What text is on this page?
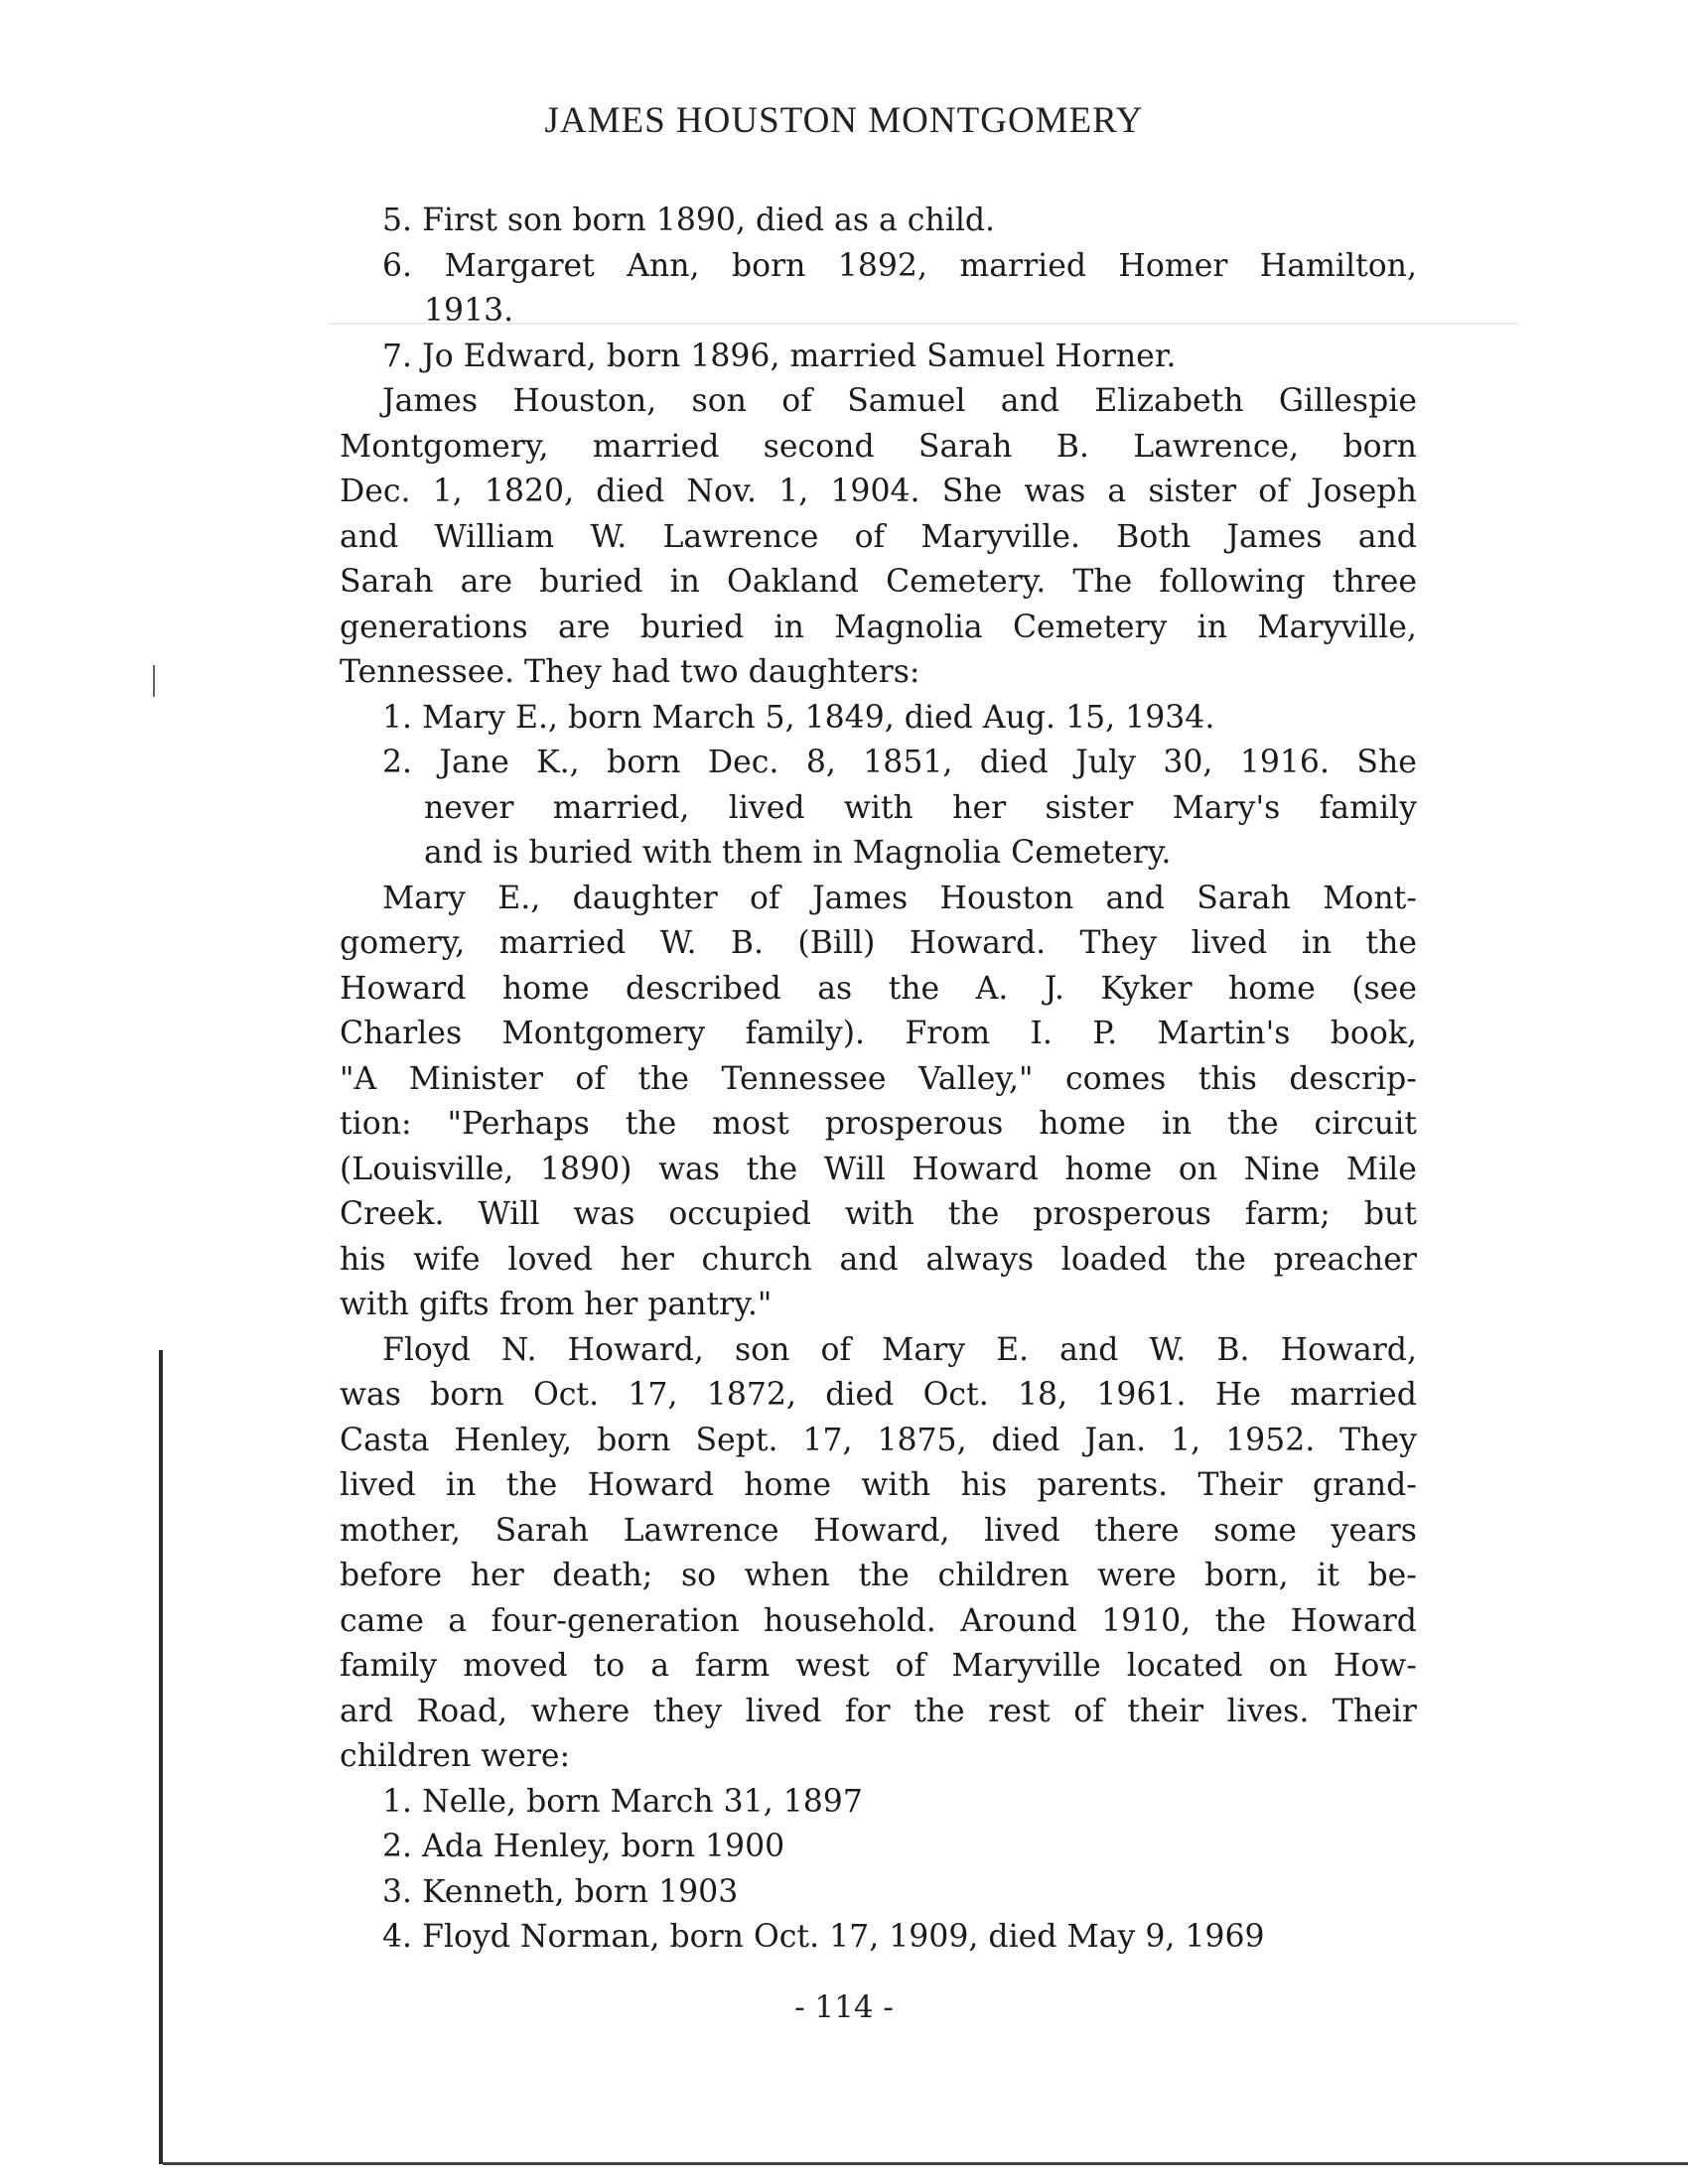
JAMES HOUSTON MONTGOMERY
5. First son born 1890, died as a child.
6. Margaret Ann, born 1892, married Homer Hamilton,
1913.
7. Jo Edward, born 1896, married Samuel Horner.
James Houston, son of Samuel and Elizabeth Gillespie
Montgomery, married second Sarah B. Lawrence, born
Dec. 1, 1820, died Nov. 1, 1904. She was a sister of Joseph
and William W. Lawrence of Maryville. Both James and
Sarah are buried in Oakland Cemetery. The following three
generations are buried in Magnolia Cemetery in Maryville,
Tennessee. They had two daughters:
1. Mary E., born March 5, 1849, died Aug. 15, 1934.
2. Jane K., born Dec. 8, 1851, died July 30, 1916. She
never married, lived with her sister Mary's family
and is buried with them in Magnolia Cemetery.
Mary E., daughter of James Houston and Sarah Mont-
gomery, married W. B. (Bill) Howard. They lived in the
Howard home described as the A. J. Kyker home (see
Charles Montgomery family). From I. P. Martin's book,
"A Minister of the Tennessee Valley," comes this descrip-
tion: "Perhaps the most prosperous home in the circuit
(Louisville, 1890) was the Will Howard home on Nine Mile
Creek. Will was occupied with the prosperous farm; but
his wife loved her church and always loaded the preacher
with gifts from her pantry."
Floyd N. Howard, son of Mary E. and W. B. Howard,
was born Oct. 17, 1872, died Oct. 18, 1961. He married
Casta Henley, born Sept. 17, 1875, died Jan. 1, 1952. They
lived in the Howard home with his parents. Their grand-
mother, Sarah Lawrence Howard, lived there some years
before her death; so when the children were born, it be-
came a four-generation household. Around 1910, the Howard
family moved to a farm west of Maryville located on How-
ard Road, where they lived for the rest of their lives. Their
children were:
1. Nelle, born March 31, 1897
2. Ada Henley, born 1900
3. Kenneth, born 1903
4. Floyd Norman, born Oct. 17, 1909, died May 9, 1969
- 114 -
